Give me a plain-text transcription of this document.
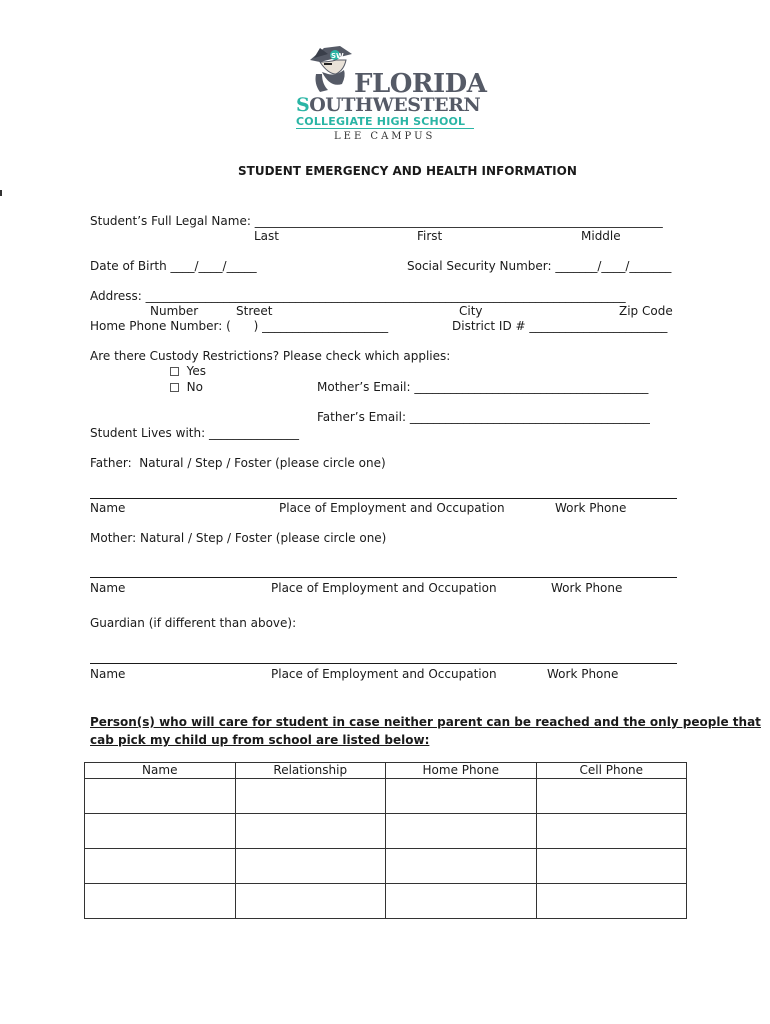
SW
FLORIDA
SOUTHWESTERN
COLLEGIATE HIGH SCHOOL
LEE CAMPUS
STUDENT EMERGENCY AND HEALTH INFORMATION
Student’s Full Legal Name: ____________________________________________________________________
Last	First	Middle
Date of Birth ____/____/_____	Social Security Number: _______/____/_______
Address: ________________________________________________________________________________
Number	Street	City	Zip Code
Home Phone Number: (      ) _____________________	District ID # _______________________
Are there Custody Restrictions? Please check which applies:
Yes
No	Mother’s Email: _______________________________________
Father’s Email: ________________________________________
Student Lives with: _______________
Father:  Natural / Step / Foster (please circle one)
Name	Place of Employment and Occupation	Work Phone
Mother: Natural / Step / Foster (please circle one)
Name	Place of Employment and Occupation	Work Phone
Guardian (if different than above):
Name	Place of Employment and Occupation	Work Phone
Person(s) who will care for student in case neither parent can be reached and the only people that
cab pick my child up from school are listed below:
Name	Relationship	Home Phone	Cell Phone
